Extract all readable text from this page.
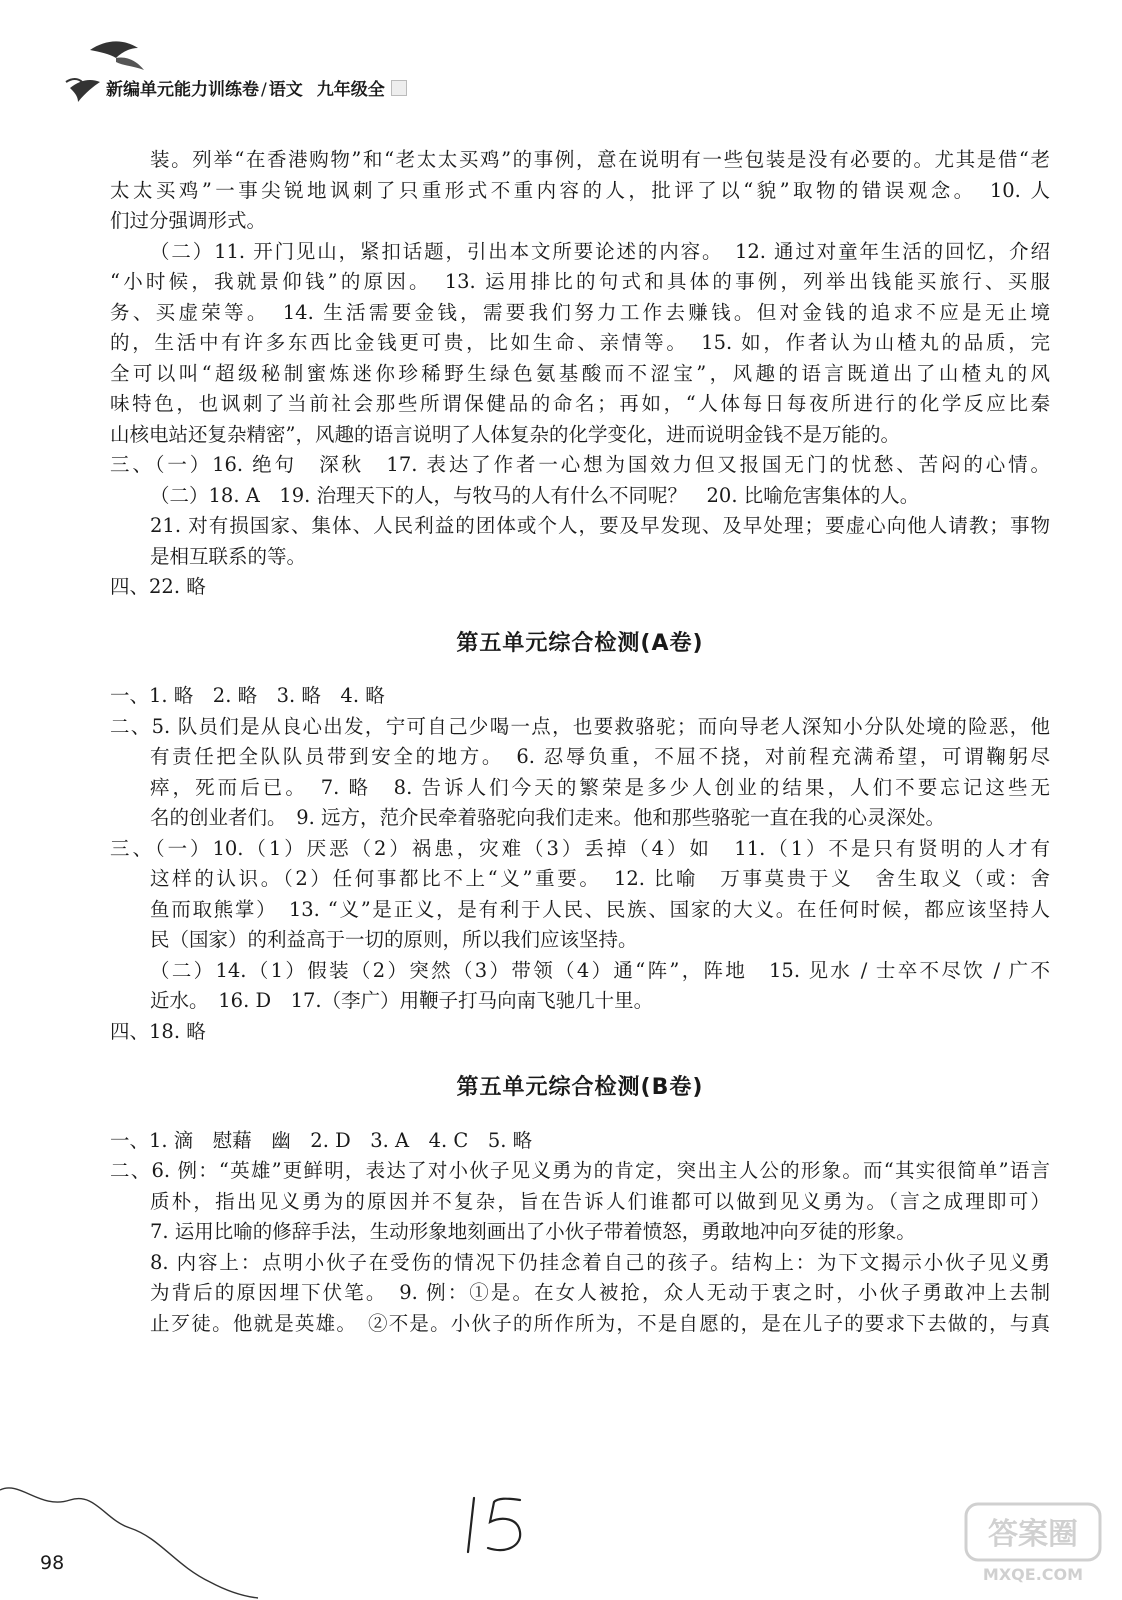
新编单元能力训练卷 / 语文 九年级全
装。列举“在香港购物”和“老太太买鸡”的事例，意在说明有一些包装是没有必要的。尤其是借“老
太太买鸡”一事尖锐地讽刺了只重形式不重内容的人，批评了以“貌”取物的错误观念。　10. 人
们过分强调形式。
（二）11. 开门见山，紧扣话题，引出本文所要论述的内容。　12. 通过对童年生活的回忆，介绍
“小时候，我就景仰钱”的原因。　13. 运用排比的句式和具体的事例，列举出钱能买旅行、买服
务、买虚荣等。　14. 生活需要金钱，需要我们努力工作去赚钱。但对金钱的追求不应是无止境
的，生活中有许多东西比金钱更可贵，比如生命、亲情等。　15. 如，作者认为山楂丸的品质，完
全可以叫“超级秘制蜜炼迷你珍稀野生绿色氨基酸而不涩宝”，风趣的语言既道出了山楂丸的风
味特色，也讽刺了当前社会那些所谓保健品的命名；再如，“人体每日每夜所进行的化学反应比秦
山核电站还复杂精密”，风趣的语言说明了人体复杂的化学变化，进而说明金钱不是万能的。
三、（一）16. 绝句　深秋　17. 表达了作者一心想为国效力但又报国无门的忧愁、苦闷的心情。
（二）18. A　19. 治理天下的人，与牧马的人有什么不同呢？　20. 比喻危害集体的人。
21. 对有损国家、集体、人民利益的团体或个人，要及早发现、及早处理；要虚心向他人请教；事物
是相互联系的等。
四、22. 略
第五单元综合检测(A卷)
一、1. 略　2. 略　3. 略　4. 略
二、5. 队员们是从良心出发，宁可自己少喝一点，也要救骆驼；而向导老人深知小分队处境的险恶，他
有责任把全队队员带到安全的地方。　6. 忍辱负重，不屈不挠，对前程充满希望，可谓鞠躬尽
瘁，死而后已。　7. 略　8. 告诉人们今天的繁荣是多少人创业的结果，人们不要忘记这些无
名的创业者们。　9. 远方，范介民牵着骆驼向我们走来。他和那些骆驼一直在我的心灵深处。
三、（一）10.（1）厌恶（2）祸患，灾难（3）丢掉（4）如　11.（1）不是只有贤明的人才有
这样的认识。（2）任何事都比不上“义”重要。　12. 比喻　万事莫贵于义　舍生取义（或：舍
鱼而取熊掌）　13. “义”是正义，是有利于人民、民族、国家的大义。在任何时候，都应该坚持人
民（国家）的利益高于一切的原则，所以我们应该坚持。
（二）14.（1）假装（2）突然（3）带领（4）通“阵”，阵地　15. 见水 / 士卒不尽饮 / 广不
近水。　16. D　17.（李广）用鞭子打马向南飞驰几十里。
四、18. 略
第五单元综合检测(B卷)
一、1. 滴　慰藉　幽　2. D　3. A　4. C　5. 略
二、6. 例：“英雄”更鲜明，表达了对小伙子见义勇为的肯定，突出主人公的形象。而“其实很简单”语言
质朴，指出见义勇为的原因并不复杂，旨在告诉人们谁都可以做到见义勇为。（言之成理即可）
7. 运用比喻的修辞手法，生动形象地刻画出了小伙子带着愤怒，勇敢地冲向歹徒的形象。
8. 内容上：点明小伙子在受伤的情况下仍挂念着自己的孩子。结构上：为下文揭示小伙子见义勇
为背后的原因埋下伏笔。　9. 例：①是。在女人被抢，众人无动于衷之时，小伙子勇敢冲上去制
止歹徒。他就是英雄。　②不是。小伙子的所作所为，不是自愿的，是在儿子的要求下去做的，与真
98
答案圈
MXQE.COM
